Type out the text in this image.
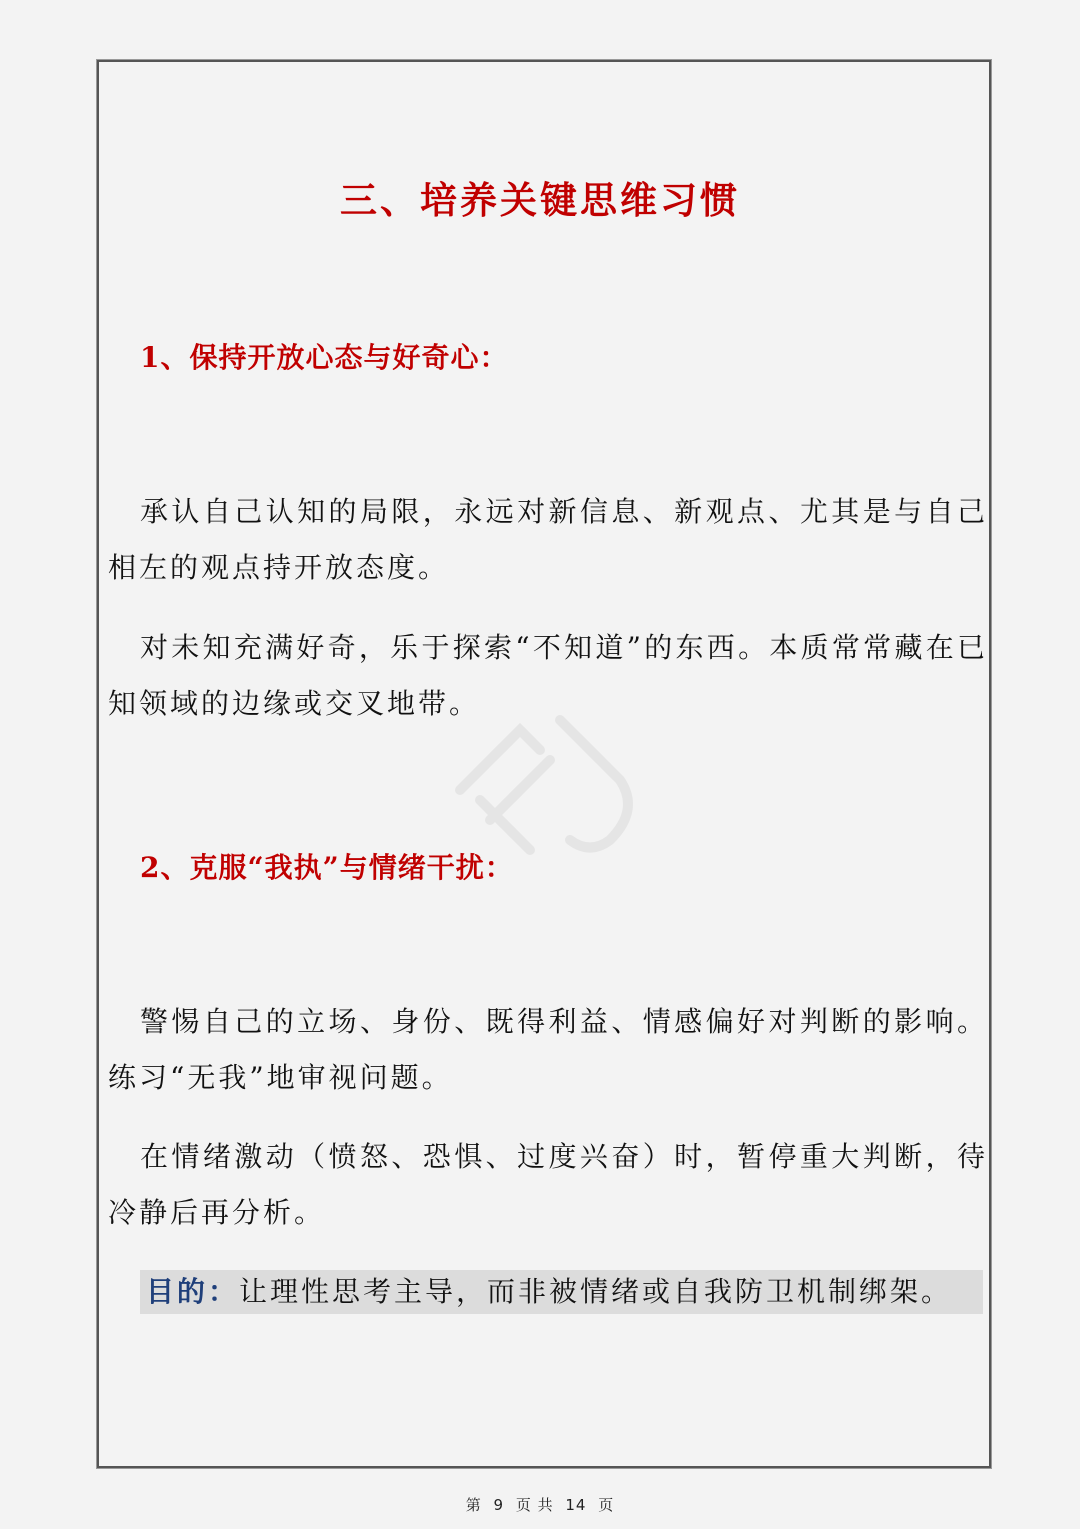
三、培养关键思维习惯
1、保持开放心态与好奇心：
承认自己认知的局限，永远对新信息、新观点、尤其是与自己相左的观点持开放态度。
对未知充满好奇，乐于探索“不知道”的东西。本质常常藏在已知领域的边缘或交叉地带。
2、克服“我执”与情绪干扰：
警惕自己的立场、身份、既得利益、情感偏好对判断的影响。练习“无我”地审视问题。
在情绪激动（愤怒、恐惧、过度兴奋）时，暂停重大判断，待冷静后再分析。
目的：让理性思考主导，而非被情绪或自我防卫机制绑架。
第 9 页 共 14 页
